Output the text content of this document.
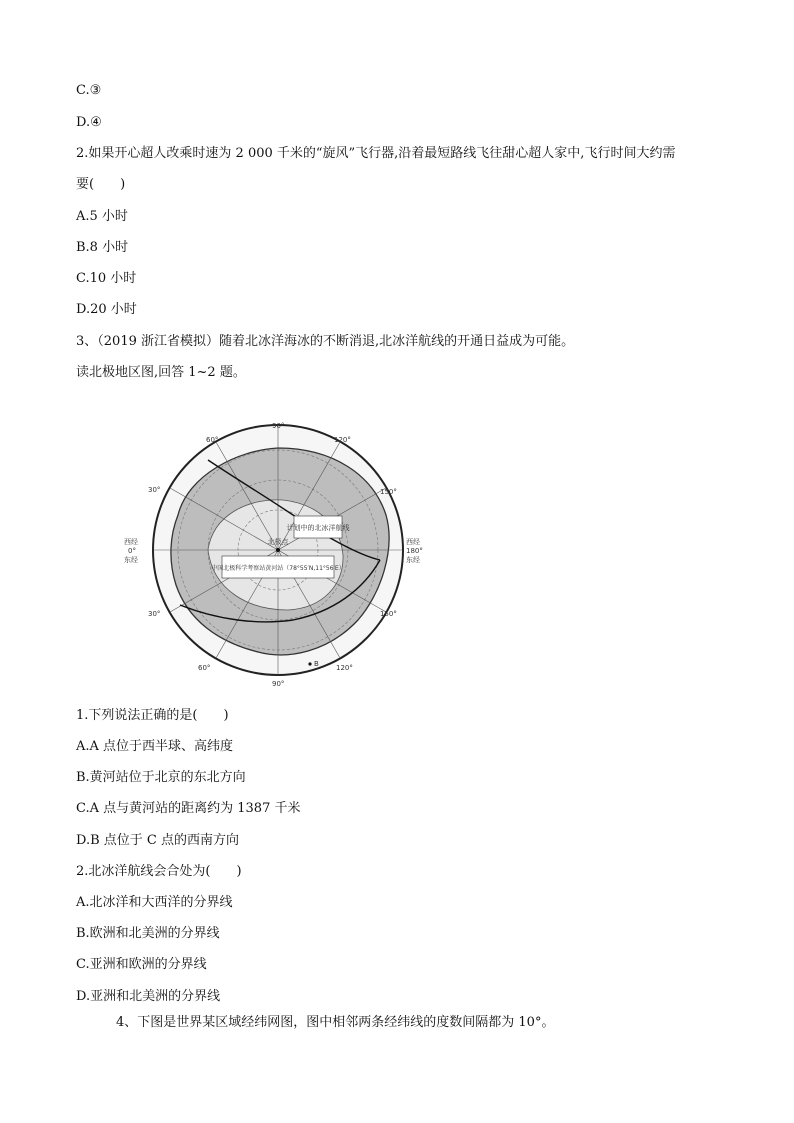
C.③
D.④
2.如果开心超人改乘时速为 2 000 千米的“旋风”飞行器,沿着最短路线飞往甜心超人家中,飞行时间大约需
要(　　)
A.5 小时
B.8 小时
C.10 小时
D.20 小时
3、（2019 浙江省模拟）随着北冰洋海冰的不断消退,北冰洋航线的开通日益成为可能。
读北极地区图,回答 1~2 题。
计划中的北冰洋航线
北极点
中国北极科学考察站黄河站（78°55′N,11°56′E）
西经
0°
东经
西经
180°
东经
60°
90°
120°
150°
30°
30°	150°
60°
90°
120°
B
1.下列说法正确的是(　　)
A.A 点位于西半球、高纬度
B.黄河站位于北京的东北方向
C.A 点与黄河站的距离约为 1387 千米
D.B 点位于 C 点的西南方向
2.北冰洋航线会合处为(　　)
A.北冰洋和大西洋的分界线
B.欧洲和北美洲的分界线
C.亚洲和欧洲的分界线
D.亚洲和北美洲的分界线
4、下图是世界某区域经纬网图，图中相邻两条经纬线的度数间隔都为 10°。
